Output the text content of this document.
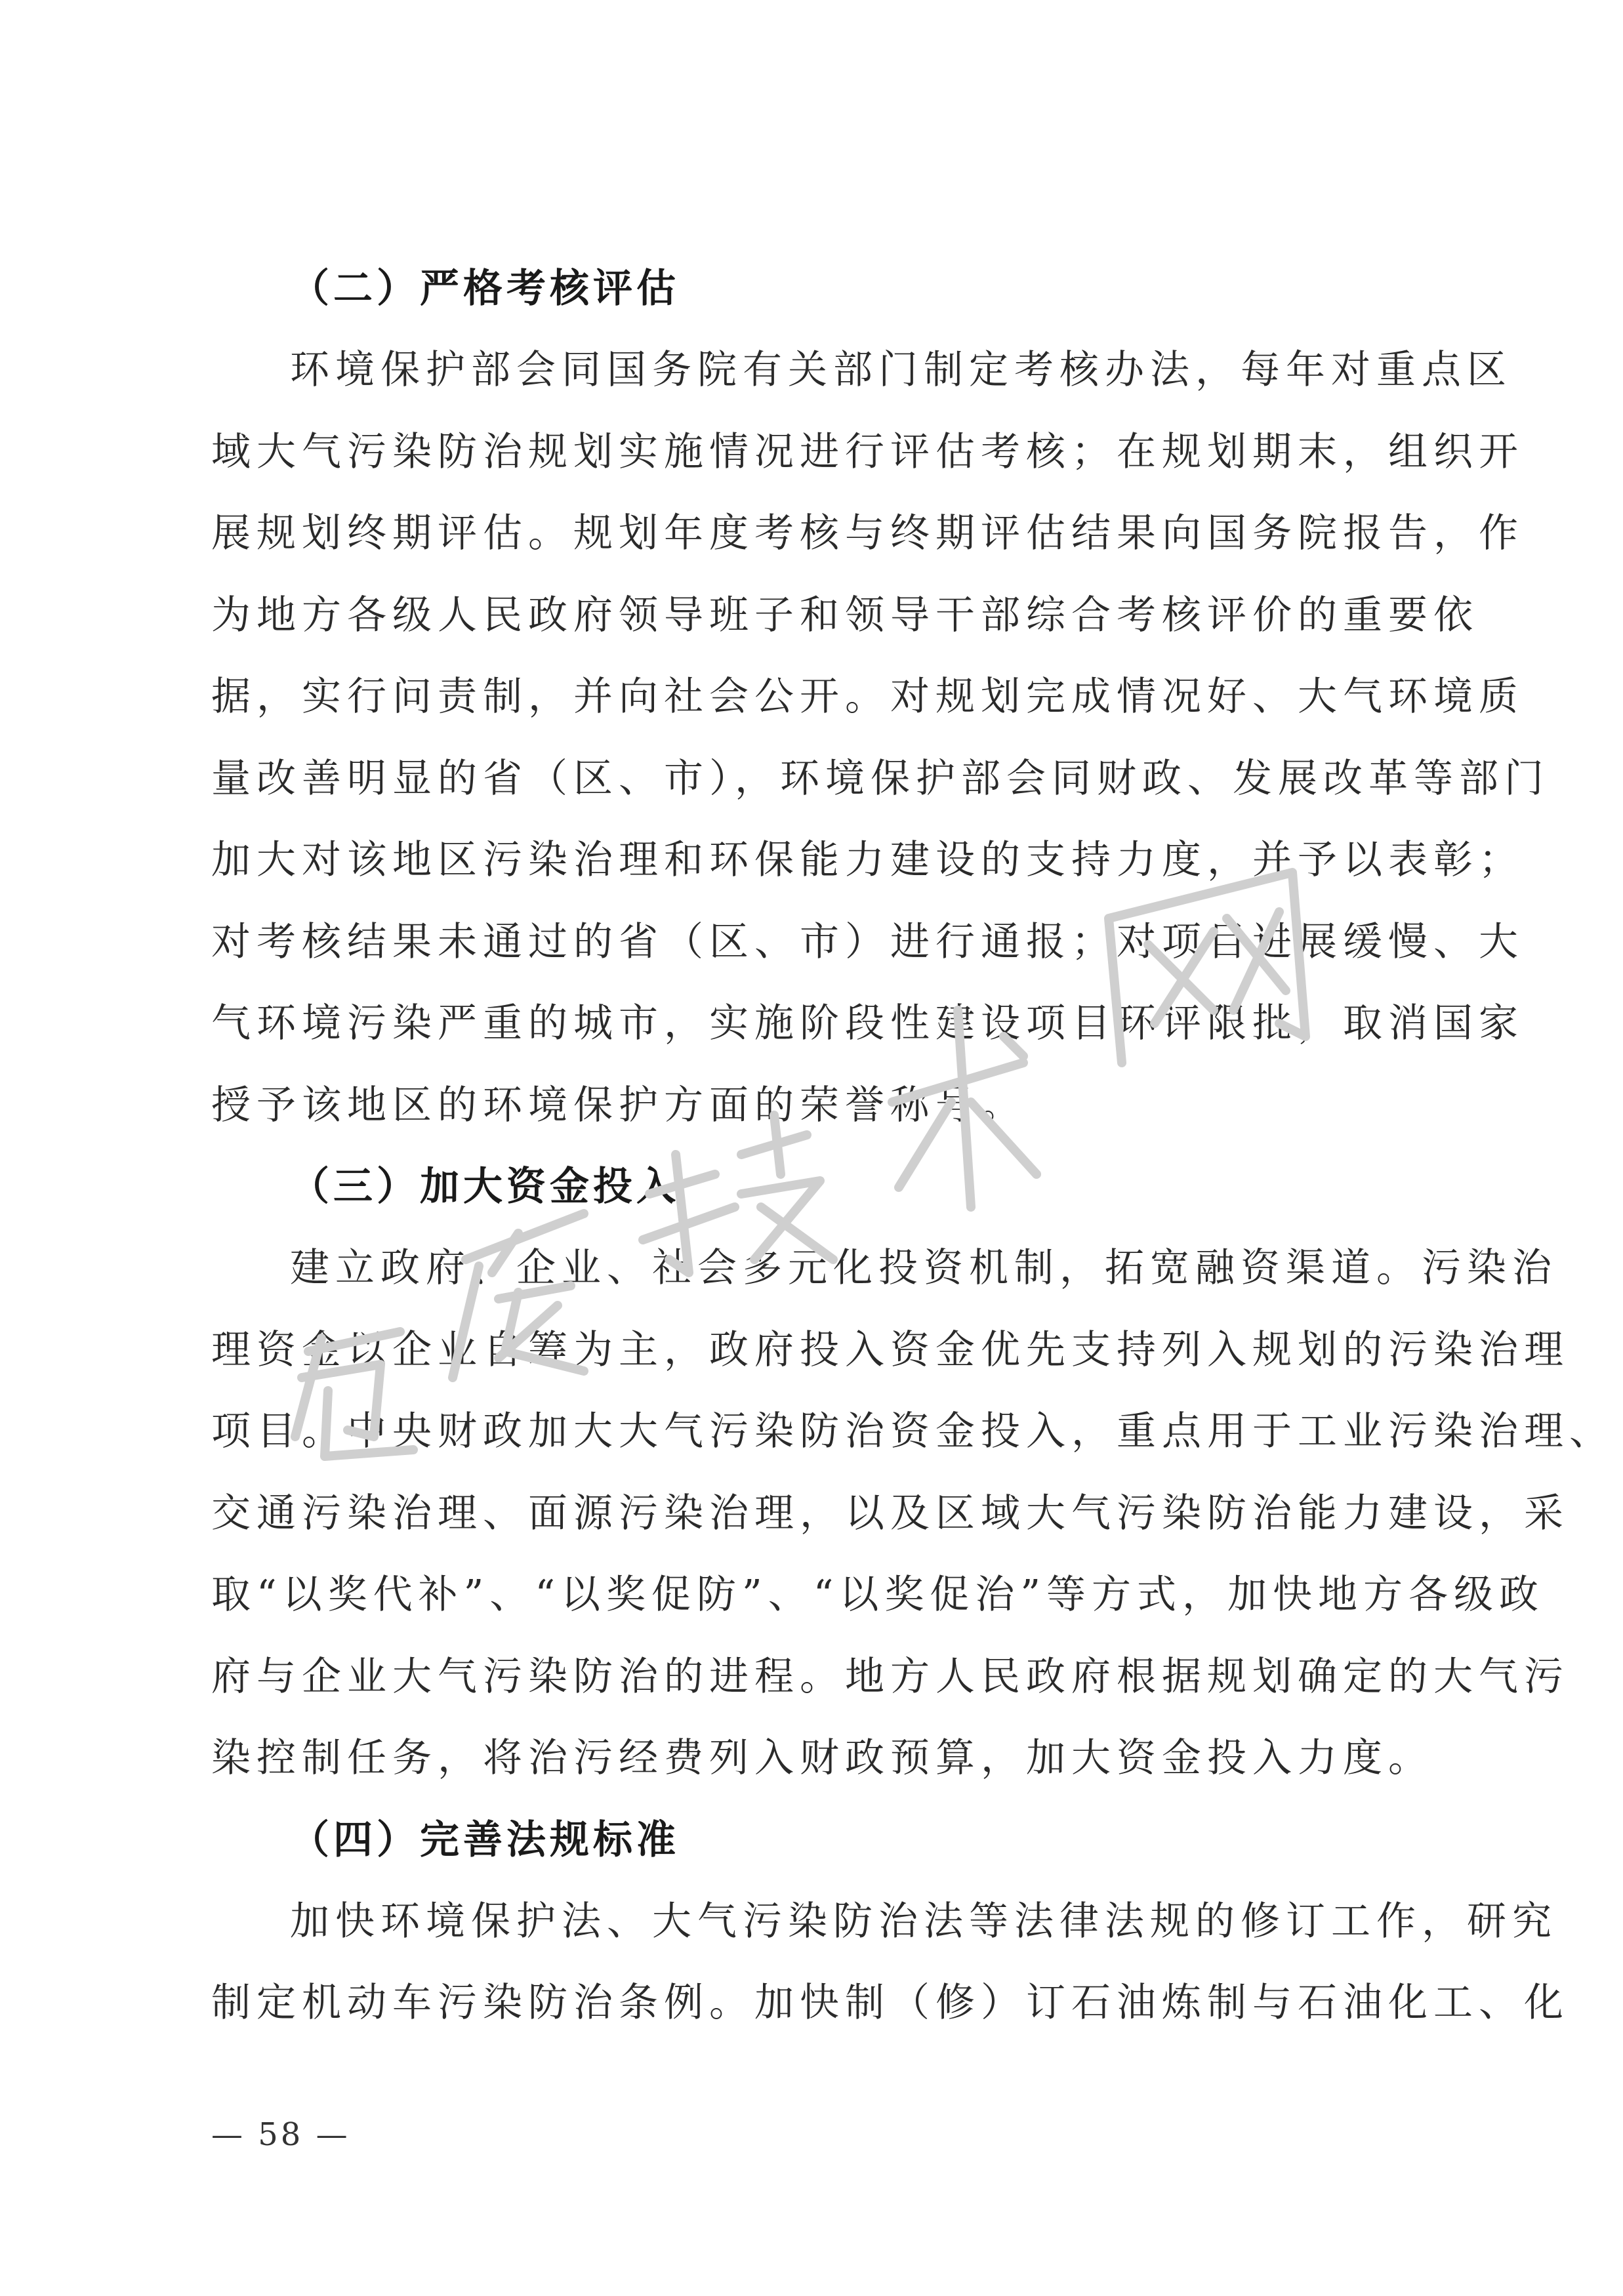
（二）严格考核评估
环境保护部会同国务院有关部门制定考核办法，每年对重点区
域大气污染防治规划实施情况进行评估考核；在规划期末，组织开
展规划终期评估。规划年度考核与终期评估结果向国务院报告，作
为地方各级人民政府领导班子和领导干部综合考核评价的重要依
据，实行问责制，并向社会公开。对规划完成情况好、大气环境质
量改善明显的省（区、市），环境保护部会同财政、发展改革等部门
加大对该地区污染治理和环保能力建设的支持力度，并予以表彰；
对考核结果未通过的省（区、市）进行通报；对项目进展缓慢、大
气环境污染严重的城市，实施阶段性建设项目环评限批，取消国家
授予该地区的环境保护方面的荣誉称号。
（三）加大资金投入
建立政府、企业、社会多元化投资机制，拓宽融资渠道。污染治
理资金以企业自筹为主，政府投入资金优先支持列入规划的污染治理
项目。中央财政加大大气污染防治资金投入，重点用于工业污染治理、
交通污染治理、面源污染治理，以及区域大气污染防治能力建设，采
取“以奖代补”、“以奖促防”、“以奖促治”等方式，加快地方各级政
府与企业大气污染防治的进程。地方人民政府根据规划确定的大气污
染控制任务，将治污经费列入财政预算，加大资金投入力度。
（四）完善法规标准
加快环境保护法、大气污染防治法等法律法规的修订工作，研究
制定机动车污染防治条例。加快制（修）订石油炼制与石油化工、化
— 58 —
